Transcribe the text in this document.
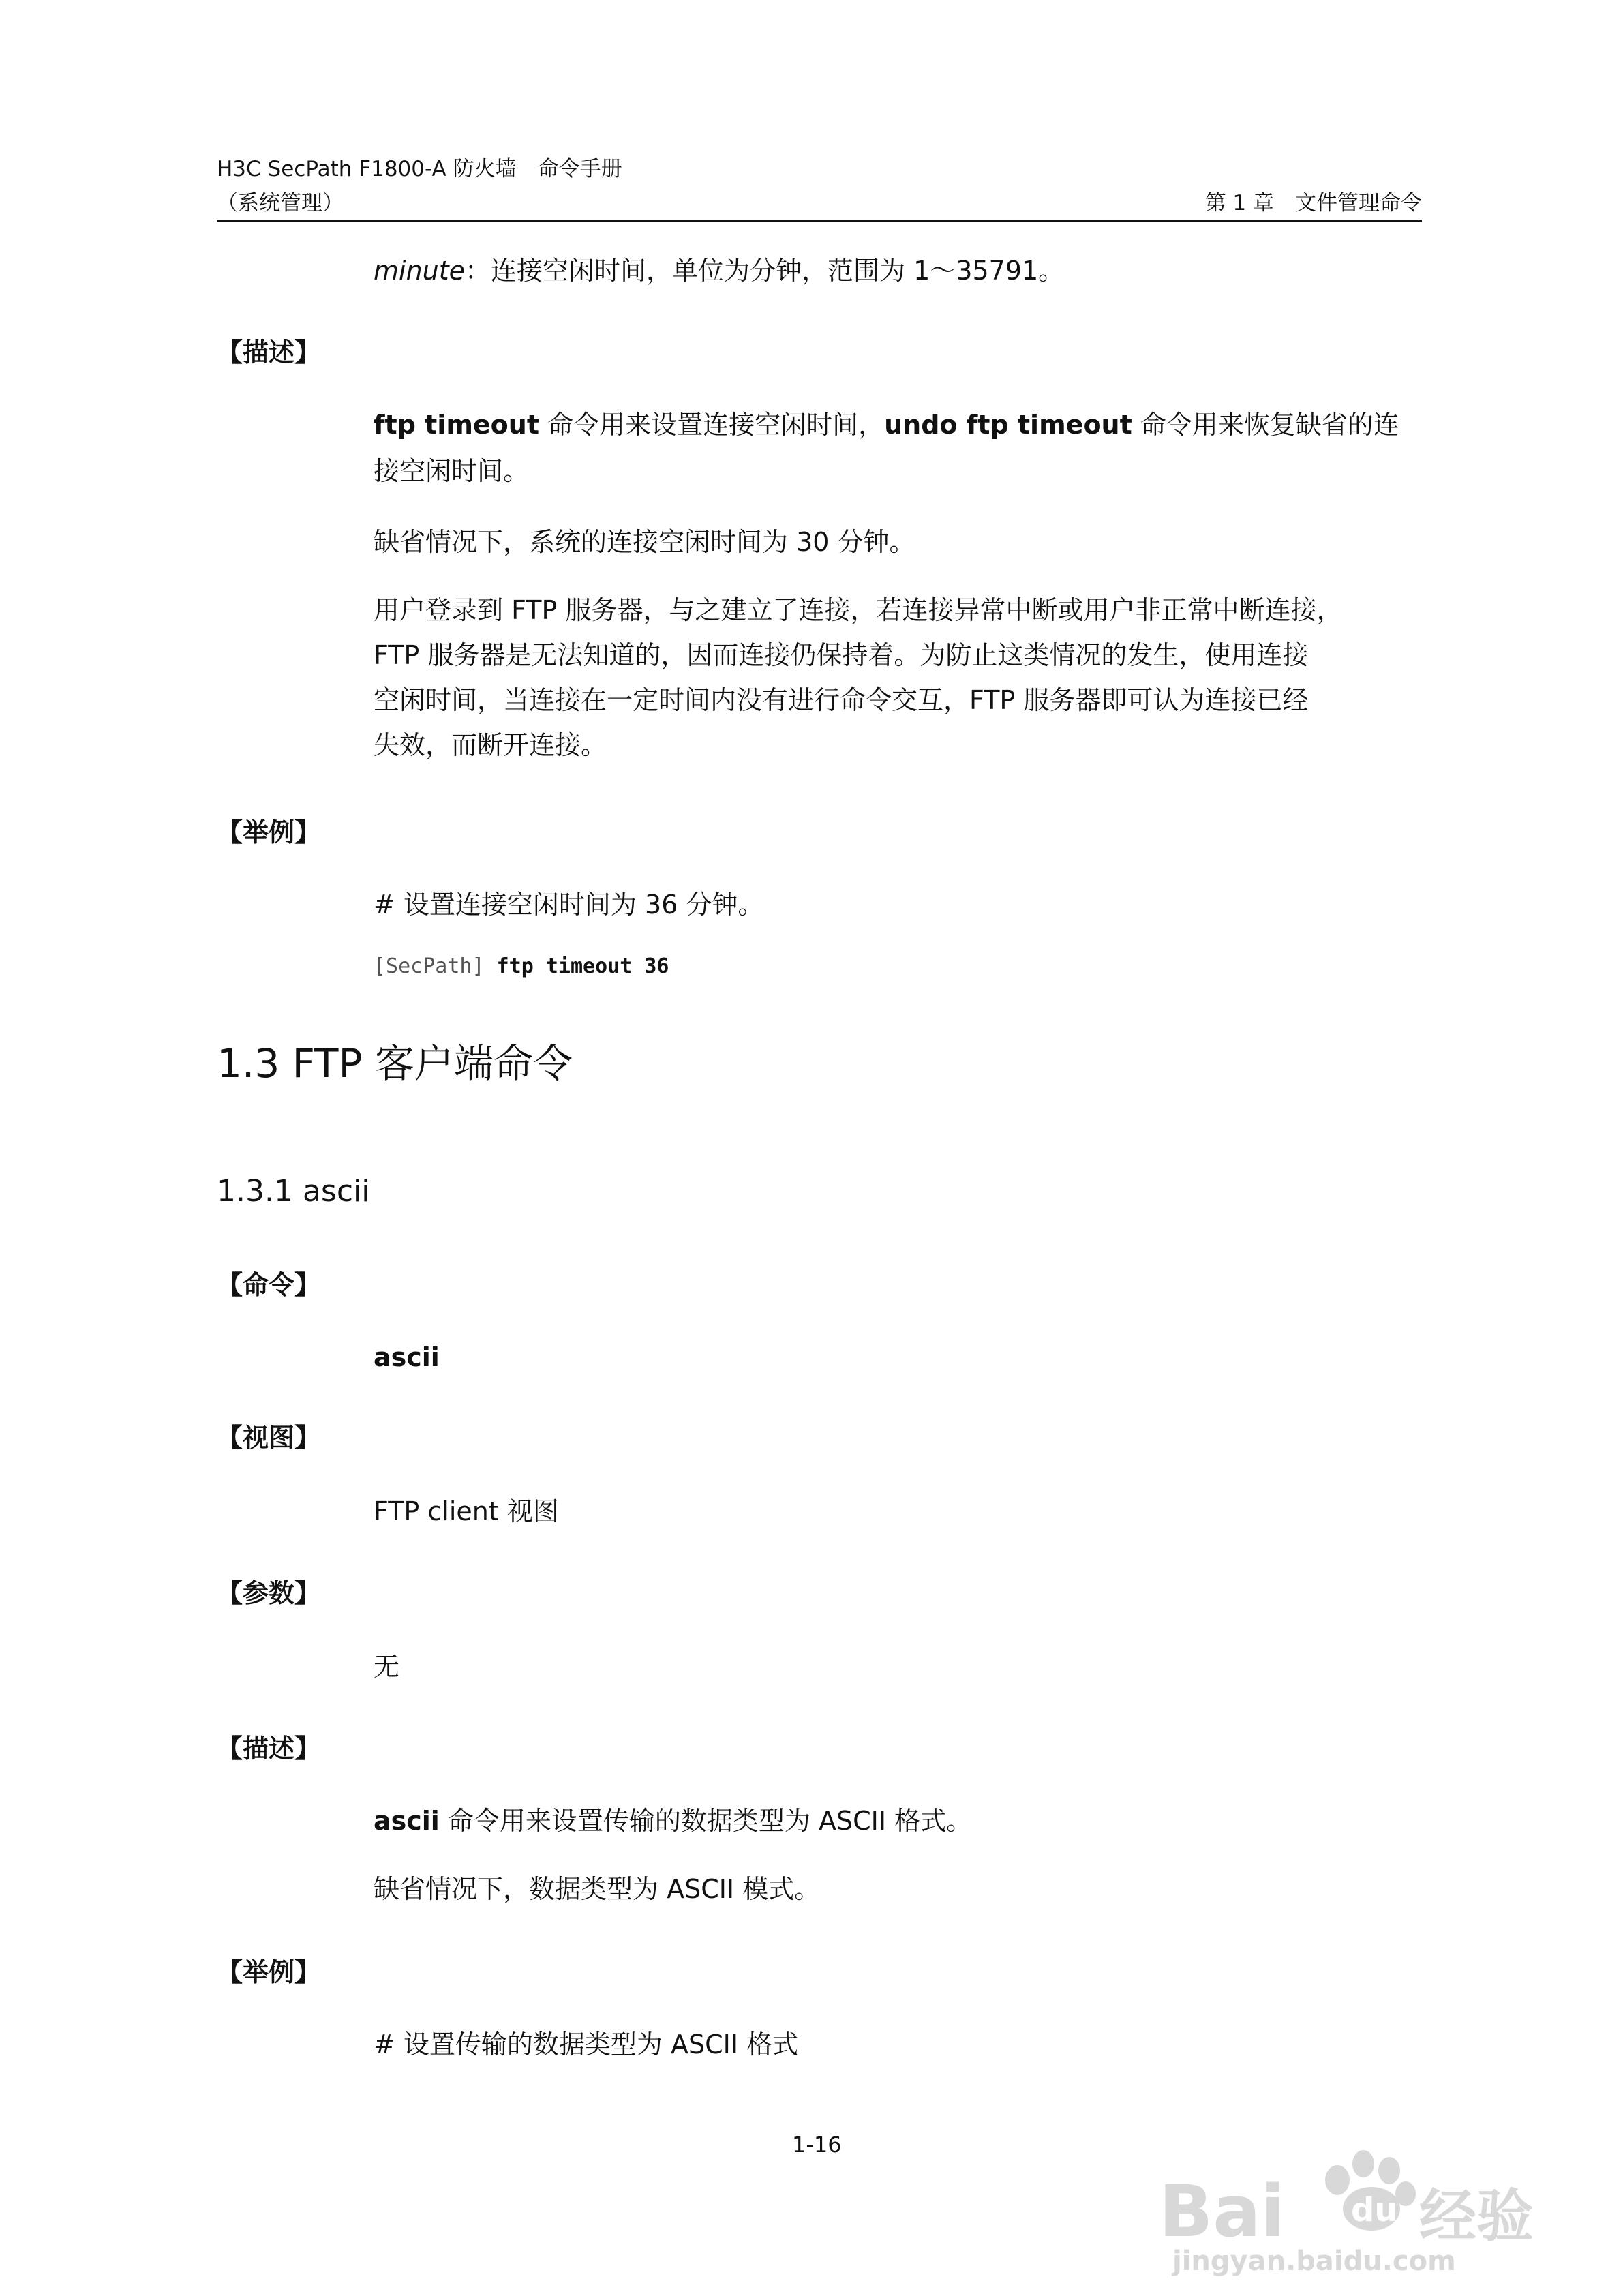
H3C SecPath F1800-A 防火墙　命令手册
（系统管理）	第 1 章　文件管理命令
minute：连接空闲时间，单位为分钟，范围为 1～35791。
【描述】
ftp timeout 命令用来设置连接空闲时间，undo ftp timeout 命令用来恢复缺省的连
接空闲时间。
缺省情况下，系统的连接空闲时间为 30 分钟。
用户登录到 FTP 服务器，与之建立了连接，若连接异常中断或用户非正常中断连接，
FTP 服务器是无法知道的，因而连接仍保持着。为防止这类情况的发生，使用连接
空闲时间，当连接在一定时间内没有进行命令交互，FTP 服务器即可认为连接已经
失效，而断开连接。
【举例】
# 设置连接空闲时间为 36 分钟。
[SecPath] ftp timeout 36
1.3 FTP 客户端命令
1.3.1 ascii
【命令】
ascii
【视图】
FTP client 视图
【参数】
无
【描述】
ascii 命令用来设置传输的数据类型为 ASCII 格式。
缺省情况下，数据类型为 ASCII 模式。
【举例】
# 设置传输的数据类型为 ASCII 格式
1-16
Bai du 经验
jingyan.baidu.com
